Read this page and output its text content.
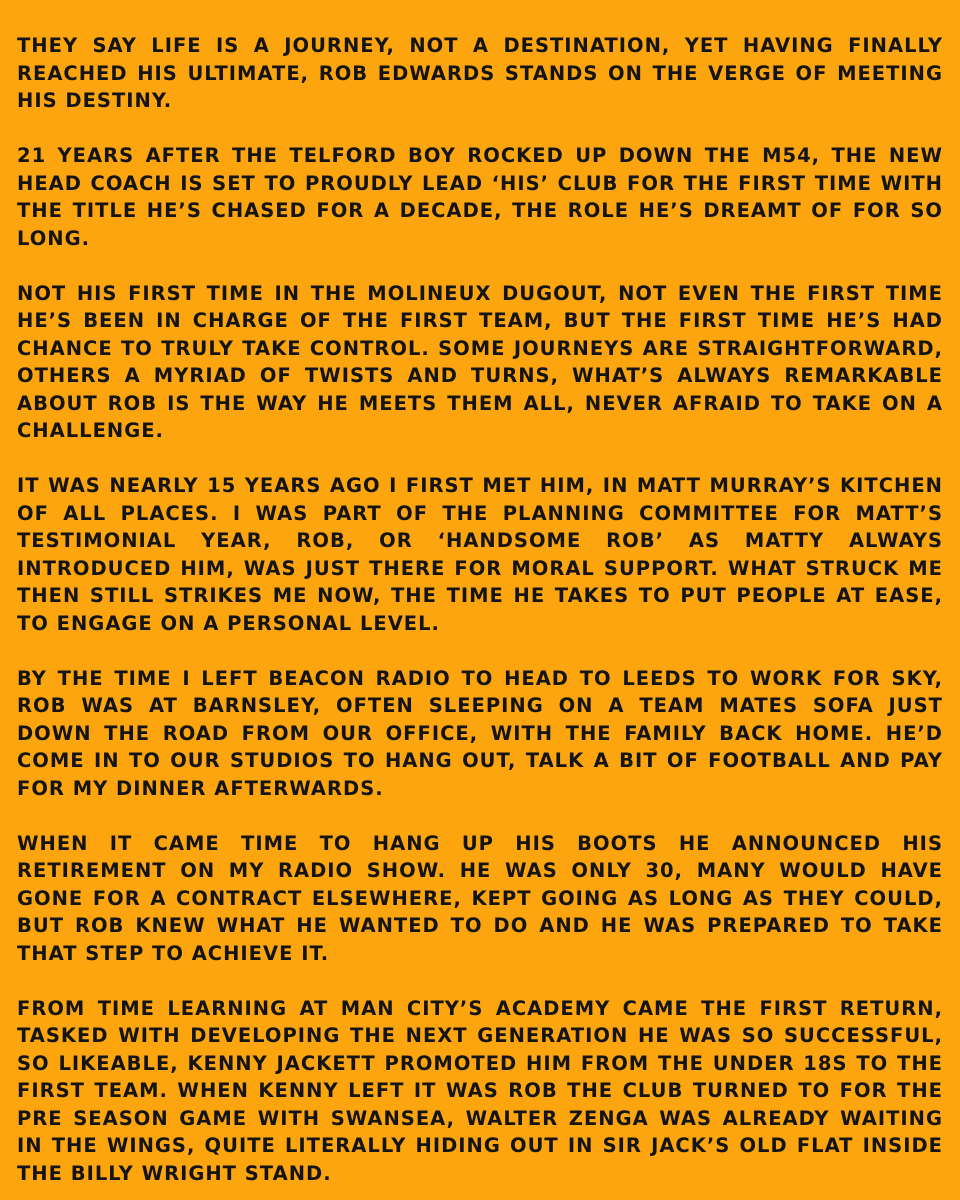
THEY SAY LIFE IS A JOURNEY, NOT A DESTINATION, YET HAVING FINALLY REACHED HIS ULTIMATE, ROB EDWARDS STANDS ON THE VERGE OF MEETING HIS DESTINY.

21 YEARS AFTER THE TELFORD BOY ROCKED UP DOWN THE M54, THE NEW HEAD COACH IS SET TO PROUDLY LEAD ‘HIS’ CLUB FOR THE FIRST TIME WITH THE TITLE HE’S CHASED FOR A DECADE, THE ROLE HE’S DREAMT OF FOR SO LONG.

NOT HIS FIRST TIME IN THE MOLINEUX DUGOUT, NOT EVEN THE FIRST TIME HE’S BEEN IN CHARGE OF THE FIRST TEAM, BUT THE FIRST TIME HE’S HAD CHANCE TO TRULY TAKE CONTROL. SOME JOURNEYS ARE STRAIGHTFORWARD, OTHERS A MYRIAD OF TWISTS AND TURNS, WHAT’S ALWAYS REMARKABLE ABOUT ROB IS THE WAY HE MEETS THEM ALL, NEVER AFRAID TO TAKE ON A CHALLENGE.

IT WAS NEARLY 15 YEARS AGO I FIRST MET HIM, IN MATT MURRAY’S KITCHEN OF ALL PLACES. I WAS PART OF THE PLANNING COMMITTEE FOR MATT’S TESTIMONIAL YEAR, ROB, OR ‘HANDSOME ROB’ AS MATTY ALWAYS INTRODUCED HIM, WAS JUST THERE FOR MORAL SUPPORT. WHAT STRUCK ME THEN STILL STRIKES ME NOW, THE TIME HE TAKES TO PUT PEOPLE AT EASE, TO ENGAGE ON A PERSONAL LEVEL.

BY THE TIME I LEFT BEACON RADIO TO HEAD TO LEEDS TO WORK FOR SKY, ROB WAS AT BARNSLEY, OFTEN SLEEPING ON A TEAM MATES SOFA JUST DOWN THE ROAD FROM OUR OFFICE, WITH THE FAMILY BACK HOME. HE’D COME IN TO OUR STUDIOS TO HANG OUT, TALK A BIT OF FOOTBALL AND PAY FOR MY DINNER AFTERWARDS.

WHEN IT CAME TIME TO HANG UP HIS BOOTS HE ANNOUNCED HIS RETIREMENT ON MY RADIO SHOW. HE WAS ONLY 30, MANY WOULD HAVE GONE FOR A CONTRACT ELSEWHERE, KEPT GOING AS LONG AS THEY COULD, BUT ROB KNEW WHAT HE WANTED TO DO AND HE WAS PREPARED TO TAKE THAT STEP TO ACHIEVE IT.

FROM TIME LEARNING AT MAN CITY’S ACADEMY CAME THE FIRST RETURN, TASKED WITH DEVELOPING THE NEXT GENERATION HE WAS SO SUCCESSFUL, SO LIKEABLE, KENNY JACKETT PROMOTED HIM FROM THE UNDER 18S TO THE FIRST TEAM. WHEN KENNY LEFT IT WAS ROB THE CLUB TURNED TO FOR THE PRE SEASON GAME WITH SWANSEA, WALTER ZENGA WAS ALREADY WAITING IN THE WINGS, QUITE LITERALLY HIDING OUT IN SIR JACK’S OLD FLAT INSIDE THE BILLY WRIGHT STAND.
